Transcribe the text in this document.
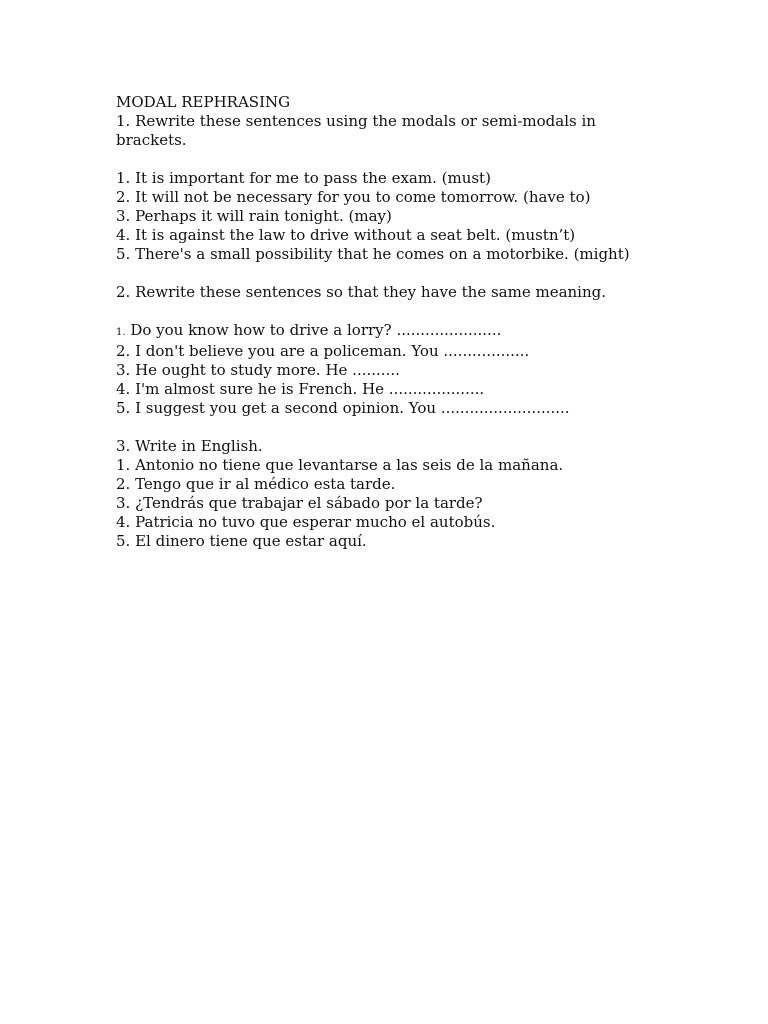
MODAL REPHRASING
1. Rewrite these sentences using the modals or semi-modals in
brackets.
1. It is important for me to pass the exam. (must)
2. It will not be necessary for you to come tomorrow. (have to)
3. Perhaps it will rain tonight. (may)
4. It is against the law to drive without a seat belt. (mustn’t)
5. There's a small possibility that he comes on a motorbike. (might)
2. Rewrite these sentences so that they have the same meaning.
1. Do you know how to drive a lorry? ......................
2. I don't believe you are a policeman. You ..................
3. He ought to study more. He ..........
4. I'm almost sure he is French. He ....................
5. I suggest you get a second opinion. You ...........................
3. Write in English.
1. Antonio no tiene que levantarse a las seis de la mañana.
2. Tengo que ir al médico esta tarde.
3. ¿Tendrás que trabajar el sábado por la tarde?
4. Patricia no tuvo que esperar mucho el autobús.
5. El dinero tiene que estar aquí.
